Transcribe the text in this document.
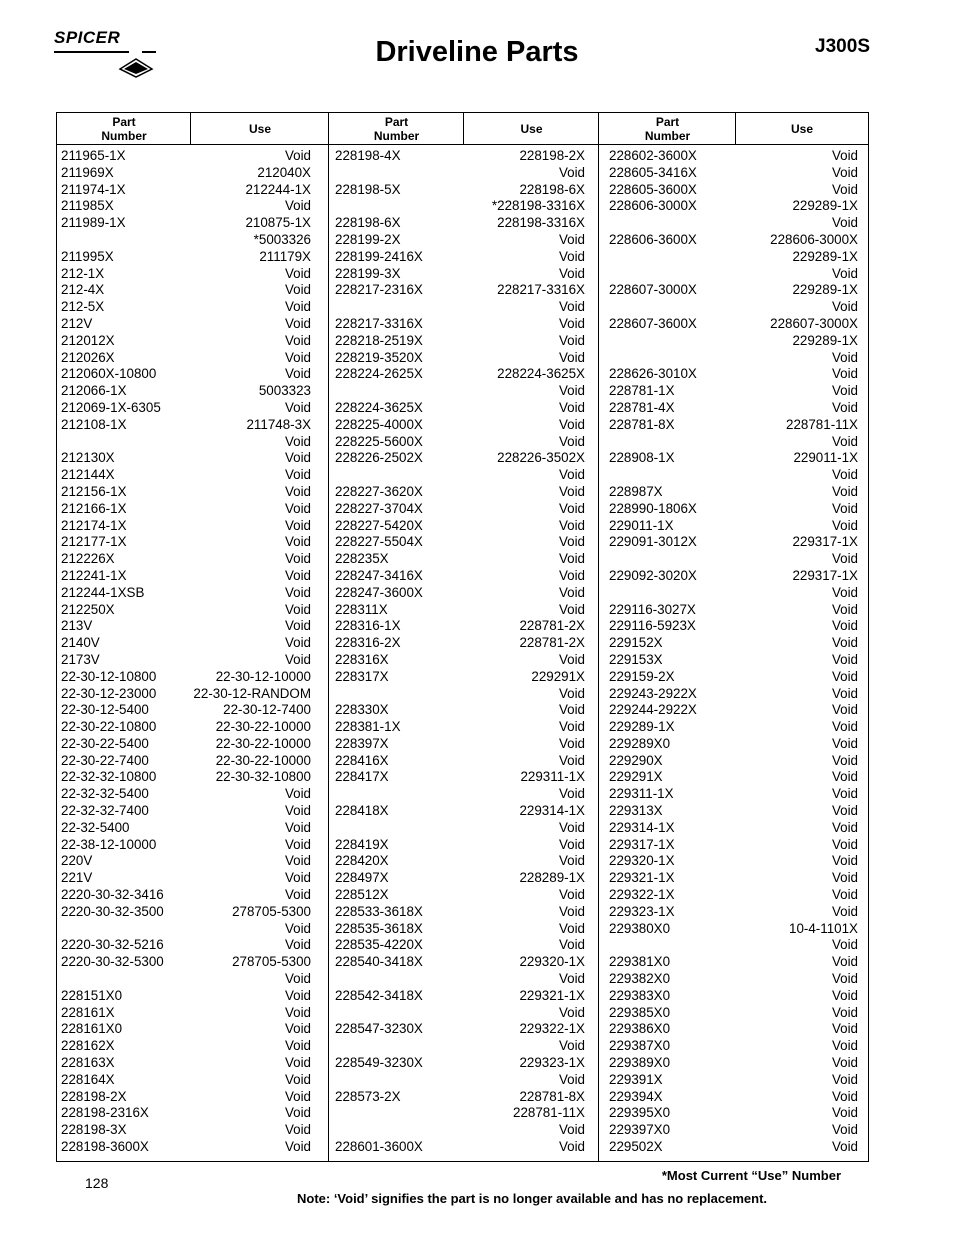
SPICER	Driveline Parts	J300S
Part
Number	Use	Part
Number	Use	Part
Number	Use
211965-1X	Void
211969X	212040X
211974-1X	212244-1X
211985X	Void
211989-1X	210875-1X
*5003326
211995X	211179X
212-1X	Void
212-4X	Void
212-5X	Void
212V	Void
212012X	Void
212026X	Void
212060X-10800	Void
212066-1X	5003323
212069-1X-6305	Void
212108-1X	211748-3X
Void
212130X	Void
212144X	Void
212156-1X	Void
212166-1X	Void
212174-1X	Void
212177-1X	Void
212226X	Void
212241-1X	Void
212244-1XSB	Void
212250X	Void
213V	Void
2140V	Void
2173V	Void
22-30-12-10800	22-30-12-10000
22-30-12-23000	22-30-12-RANDOM
22-30-12-5400	22-30-12-7400
22-30-22-10800	22-30-22-10000
22-30-22-5400	22-30-22-10000
22-30-22-7400	22-30-22-10000
22-32-32-10800	22-30-32-10800
22-32-32-5400	Void
22-32-32-7400	Void
22-32-5400	Void
22-38-12-10000	Void
220V	Void
221V	Void
2220-30-32-3416	Void
2220-30-32-3500	278705-5300
Void
2220-30-32-5216	Void
2220-30-32-5300	278705-5300
Void
228151X0	Void
228161X	Void
228161X0	Void
228162X	Void
228163X	Void
228164X	Void
228198-2X	Void
228198-2316X	Void
228198-3X	Void
228198-3600X	Void
228198-4X	228198-2X
Void
228198-5X	228198-6X
*228198-3316X
228198-6X	228198-3316X
228199-2X	Void
228199-2416X	Void
228199-3X	Void
228217-2316X	228217-3316X
Void
228217-3316X	Void
228218-2519X	Void
228219-3520X	Void
228224-2625X	228224-3625X
Void
228224-3625X	Void
228225-4000X	Void
228225-5600X	Void
228226-2502X	228226-3502X
Void
228227-3620X	Void
228227-3704X	Void
228227-5420X	Void
228227-5504X	Void
228235X	Void
228247-3416X	Void
228247-3600X	Void
228311X	Void
228316-1X	228781-2X
228316-2X	228781-2X
228316X	Void
228317X	229291X
Void
228330X	Void
228381-1X	Void
228397X	Void
228416X	Void
228417X	229311-1X
Void
228418X	229314-1X
Void
228419X	Void
228420X	Void
228497X	228289-1X
228512X	Void
228533-3618X	Void
228535-3618X	Void
228535-4220X	Void
228540-3418X	229320-1X
Void
228542-3418X	229321-1X
Void
228547-3230X	229322-1X
Void
228549-3230X	229323-1X
Void
228573-2X	228781-8X
228781-11X
Void
228601-3600X	Void
228602-3600X	Void
228605-3416X	Void
228605-3600X	Void
228606-3000X	229289-1X
Void
228606-3600X	228606-3000X
229289-1X
Void
228607-3000X	229289-1X
Void
228607-3600X	228607-3000X
229289-1X
Void
228626-3010X	Void
228781-1X	Void
228781-4X	Void
228781-8X	228781-11X
Void
228908-1X	229011-1X
Void
228987X	Void
228990-1806X	Void
229011-1X	Void
229091-3012X	229317-1X
Void
229092-3020X	229317-1X
Void
229116-3027X	Void
229116-5923X	Void
229152X	Void
229153X	Void
229159-2X	Void
229243-2922X	Void
229244-2922X	Void
229289-1X	Void
229289X0	Void
229290X	Void
229291X	Void
229311-1X	Void
229313X	Void
229314-1X	Void
229317-1X	Void
229320-1X	Void
229321-1X	Void
229322-1X	Void
229323-1X	Void
229380X0	10-4-1101X
Void
229381X0	Void
229382X0	Void
229383X0	Void
229385X0	Void
229386X0	Void
229387X0	Void
229389X0	Void
229391X	Void
229394X	Void
229395X0	Void
229397X0	Void
229502X	Void
128	*Most Current “Use” Number
Note: ‘Void’ signifies the part is no longer available and has no replacement.
